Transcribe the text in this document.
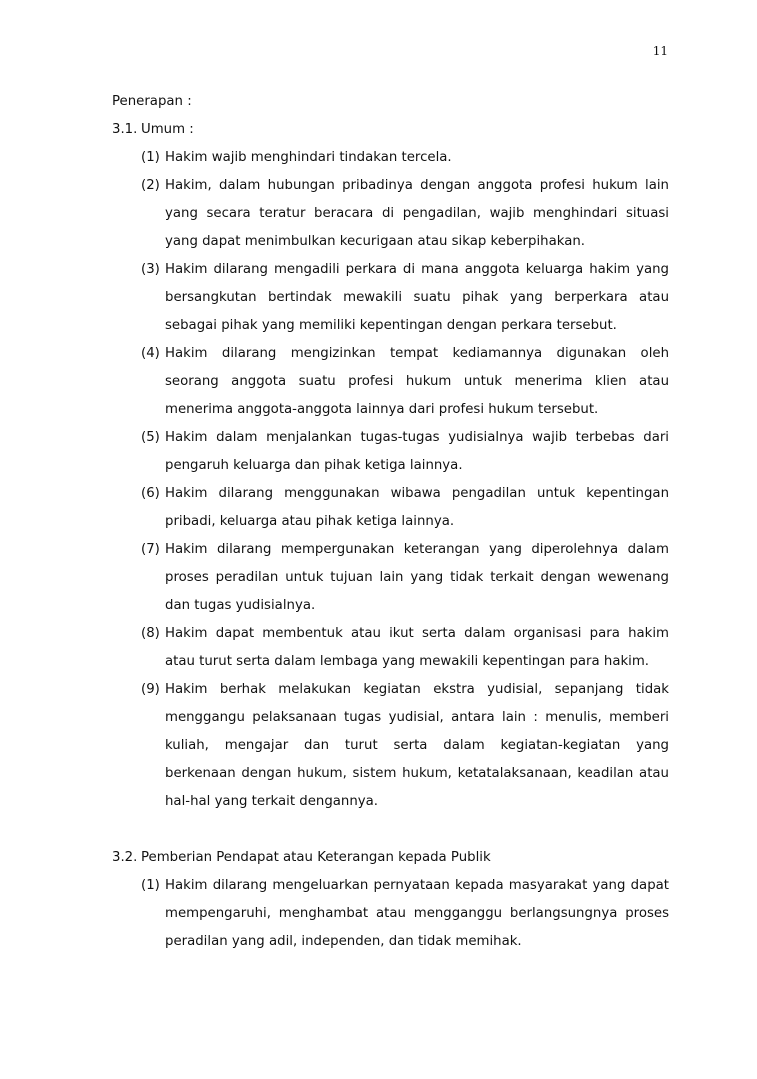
11
Penerapan :
3.1. Umum :
(1) Hakim wajib menghindari tindakan tercela.
(2) Hakim, dalam hubungan pribadinya dengan anggota profesi hukum lain
yang secara teratur beracara di pengadilan, wajib menghindari situasi
yang dapat menimbulkan kecurigaan atau sikap keberpihakan.
(3) Hakim dilarang mengadili perkara di mana anggota keluarga hakim yang
bersangkutan bertindak mewakili suatu pihak yang berperkara atau
sebagai pihak yang memiliki kepentingan dengan perkara tersebut.
(4) Hakim dilarang mengizinkan tempat kediamannya digunakan oleh
seorang anggota suatu profesi hukum untuk menerima klien atau
menerima anggota-anggota lainnya dari profesi hukum tersebut.
(5) Hakim dalam menjalankan tugas-tugas yudisialnya wajib terbebas dari
pengaruh keluarga dan pihak ketiga lainnya.
(6) Hakim dilarang menggunakan wibawa pengadilan untuk kepentingan
pribadi, keluarga atau pihak ketiga lainnya.
(7) Hakim dilarang mempergunakan keterangan yang diperolehnya dalam
proses peradilan untuk tujuan lain yang tidak terkait dengan wewenang
dan tugas yudisialnya.
(8) Hakim dapat membentuk atau ikut serta dalam organisasi para hakim
atau turut serta dalam lembaga yang mewakili kepentingan para hakim.
(9) Hakim berhak melakukan kegiatan ekstra yudisial, sepanjang tidak
menggangu pelaksanaan tugas yudisial, antara lain : menulis, memberi
kuliah, mengajar dan turut serta dalam kegiatan-kegiatan yang
berkenaan dengan hukum, sistem hukum, ketatalaksanaan, keadilan atau
hal-hal yang terkait dengannya.
3.2. Pemberian Pendapat atau Keterangan kepada Publik
(1) Hakim dilarang mengeluarkan pernyataan kepada masyarakat yang dapat
mempengaruhi, menghambat atau mengganggu berlangsungnya proses
peradilan yang adil, independen, dan tidak memihak.
